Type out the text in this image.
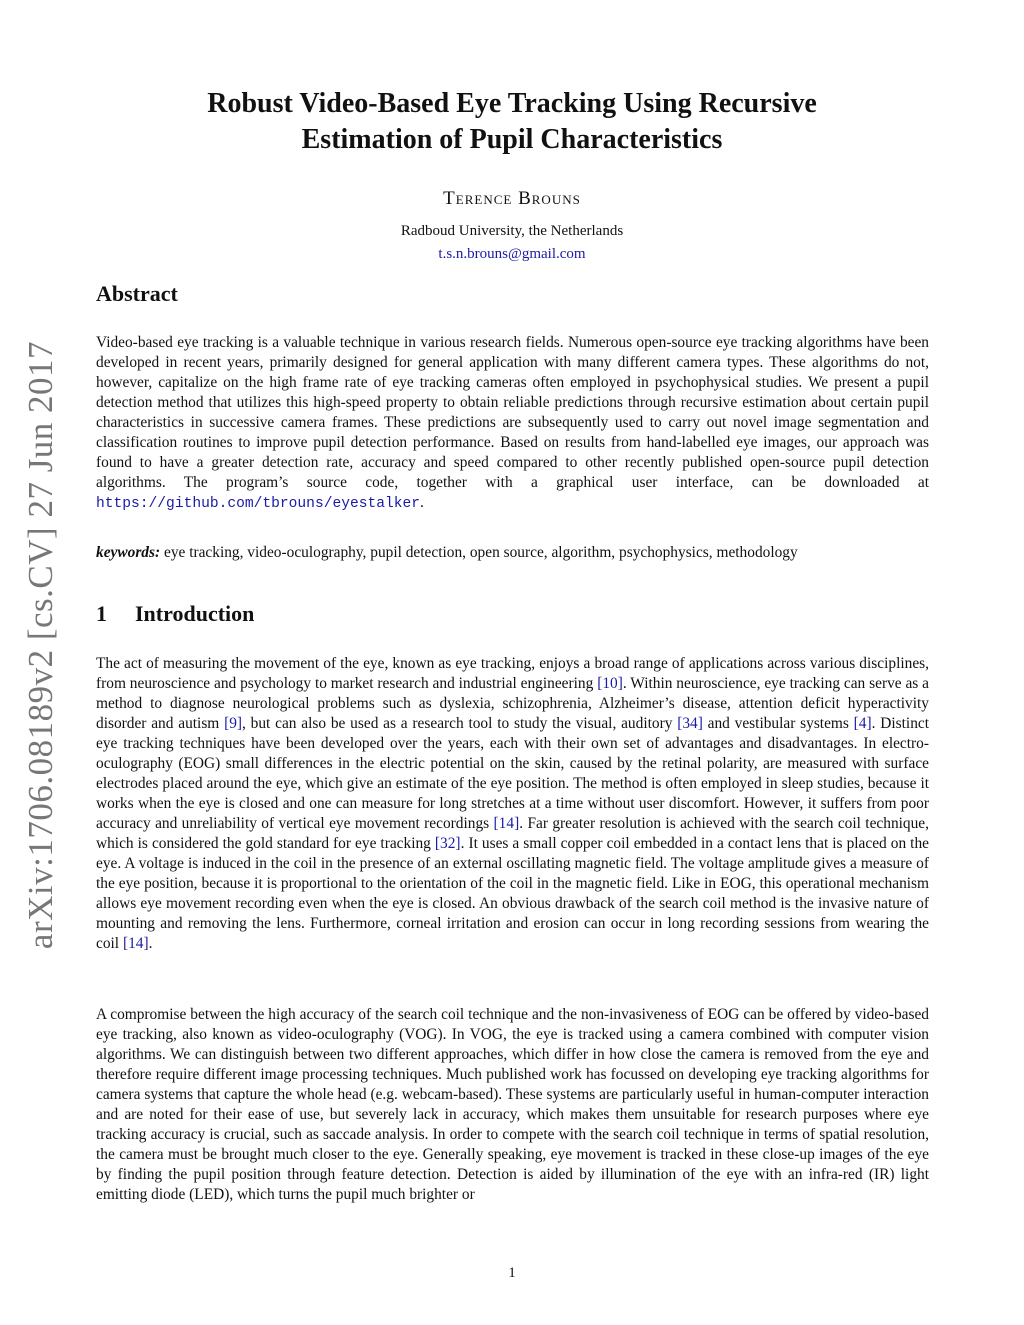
arXiv:1706.08189v2 [cs.CV] 27 Jun 2017
Robust Video-Based Eye Tracking Using Recursive
Estimation of Pupil Characteristics
Terence Brouns
Radboud University, the Netherlands
t.s.n.brouns@gmail.com
Abstract

Video-based eye tracking is a valuable technique in various research fields. Numerous open-source eye tracking algorithms have been developed in recent years, primarily designed for general application with many different camera types. These algorithms do not, however, capitalize on the high frame rate of eye tracking cameras often employed in psychophysical studies. We present a pupil detection method that utilizes this high-speed property to obtain reliable predictions through recursive estimation about certain pupil characteristics in successive camera frames. These predictions are subsequently used to carry out novel image segmentation and classification routines to improve pupil detection performance. Based on results from hand-labelled eye images, our approach was found to have a greater detection rate, accuracy and speed compared to other recently published open-source pupil detection algorithms. The program’s source code, together with a graphical user interface, can be downloaded at https://github.com/tbrouns/eyestalker.

keywords: eye tracking, video-oculography, pupil detection, open source, algorithm, psychophysics, methodology
1 Introduction

The act of measuring the movement of the eye, known as eye tracking, enjoys a broad range of applications across various disciplines, from neuroscience and psychology to market research and industrial engineering [10]. Within neuroscience, eye tracking can serve as a method to diagnose neurological problems such as dyslexia, schizophrenia, Alzheimer’s disease, attention deficit hyperactivity disorder and autism [9], but can also be used as a research tool to study the visual, auditory [34] and vestibular systems [4]. Distinct eye tracking techniques have been developed over the years, each with their own set of advantages and disadvantages. In electro-oculography (EOG) small differences in the electric potential on the skin, caused by the retinal polarity, are measured with surface electrodes placed around the eye, which give an estimate of the eye position. The method is often employed in sleep studies, because it works when the eye is closed and one can measure for long stretches at a time without user discomfort. However, it suffers from poor accuracy and unreliability of vertical eye movement recordings [14]. Far greater resolution is achieved with the search coil technique, which is considered the gold standard for eye tracking [32]. It uses a small copper coil embedded in a contact lens that is placed on the eye. A voltage is induced in the coil in the presence of an external oscillating magnetic field. The voltage amplitude gives a measure of the eye position, because it is proportional to the orientation of the coil in the magnetic field. Like in EOG, this operational mechanism allows eye movement recording even when the eye is closed. An obvious drawback of the search coil method is the invasive nature of mounting and removing the lens. Furthermore, corneal irritation and erosion can occur in long recording sessions from wearing the coil [14].

A compromise between the high accuracy of the search coil technique and the non-invasiveness of EOG can be offered by video-based eye tracking, also known as video-oculography (VOG). In VOG, the eye is tracked using a camera combined with computer vision algorithms. We can distinguish between two different approaches, which differ in how close the camera is removed from the eye and therefore require different image processing techniques. Much published work has focussed on developing eye tracking algorithms for camera systems that capture the whole head (e.g. webcam-based). These systems are particularly useful in human-computer interaction and are noted for their ease of use, but severely lack in accuracy, which makes them unsuitable for research purposes where eye tracking accuracy is crucial, such as saccade analysis. In order to compete with the search coil technique in terms of spatial resolution, the camera must be brought much closer to the eye. Generally speaking, eye movement is tracked in these close-up images of the eye by finding the pupil position through feature detection. Detection is aided by illumination of the eye with an infra-red (IR) light emitting diode (LED), which turns the pupil much brighter or

1
